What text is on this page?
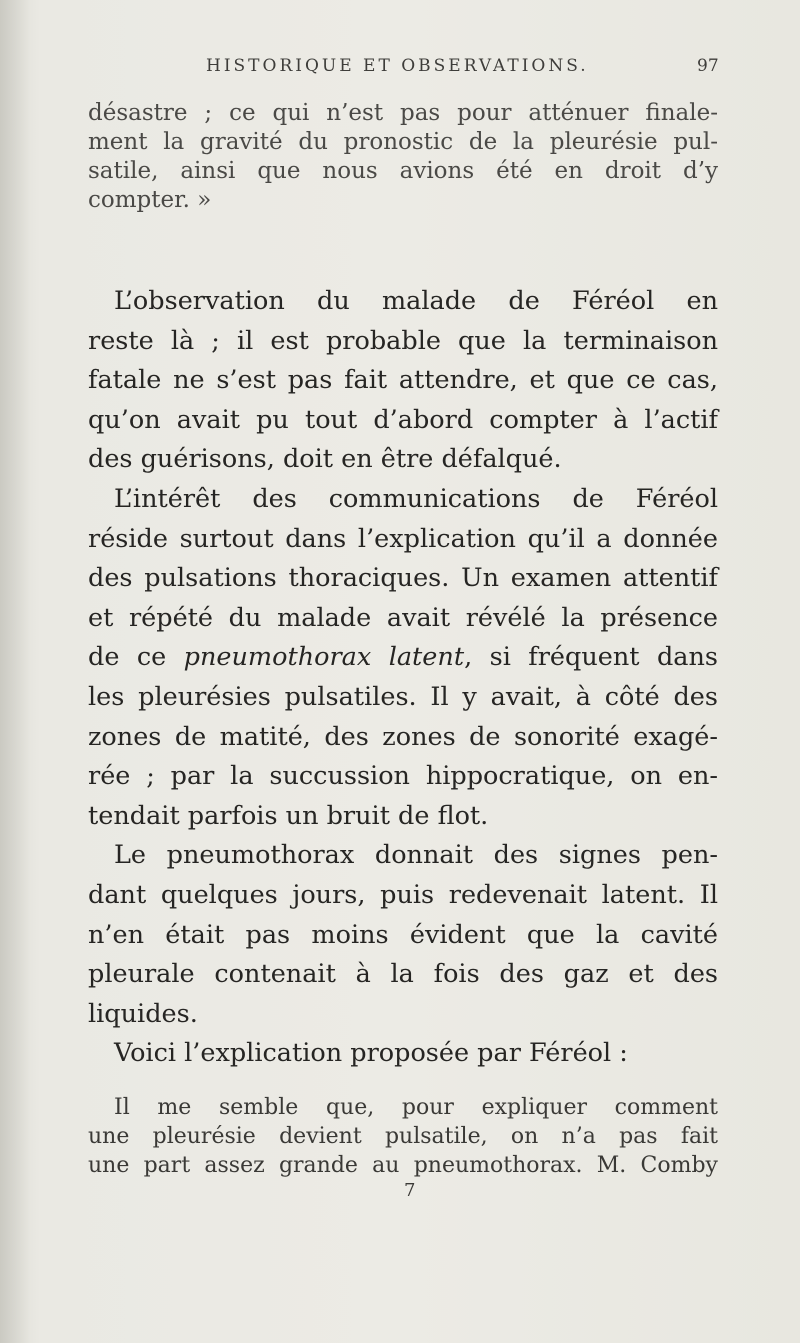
HISTORIQUE ET OBSERVATIONS.	97
désastre ; ce qui n’est pas pour atténuer finale-
ment la gravité du pronostic de la pleurésie pul-
satile, ainsi que nous avions été en droit d’y
compter. »
L’observation du malade de Féréol en
reste là ; il est probable que la terminaison
fatale ne s’est pas fait attendre, et que ce cas,
qu’on avait pu tout d’abord compter à l’actif
des guérisons, doit en être défalqué.
L’intérêt des communications de Féréol
réside surtout dans l’explication qu’il a donnée
des pulsations thoraciques. Un examen attentif
et répété du malade avait révélé la présence
de ce pneumothorax latent, si fréquent dans
les pleurésies pulsatiles. Il y avait, à côté des
zones de matité, des zones de sonorité exagé-
rée ; par la succussion hippocratique, on en-
tendait parfois un bruit de flot.
Le pneumothorax donnait des signes pen-
dant quelques jours, puis redevenait latent. Il
n’en était pas moins évident que la cavité
pleurale contenait à la fois des gaz et des
liquides.
Voici l’explication proposée par Féréol :
Il me semble que, pour expliquer comment
une pleurésie devient pulsatile, on n’a pas fait
une part assez grande au pneumothorax. M. Comby
7
